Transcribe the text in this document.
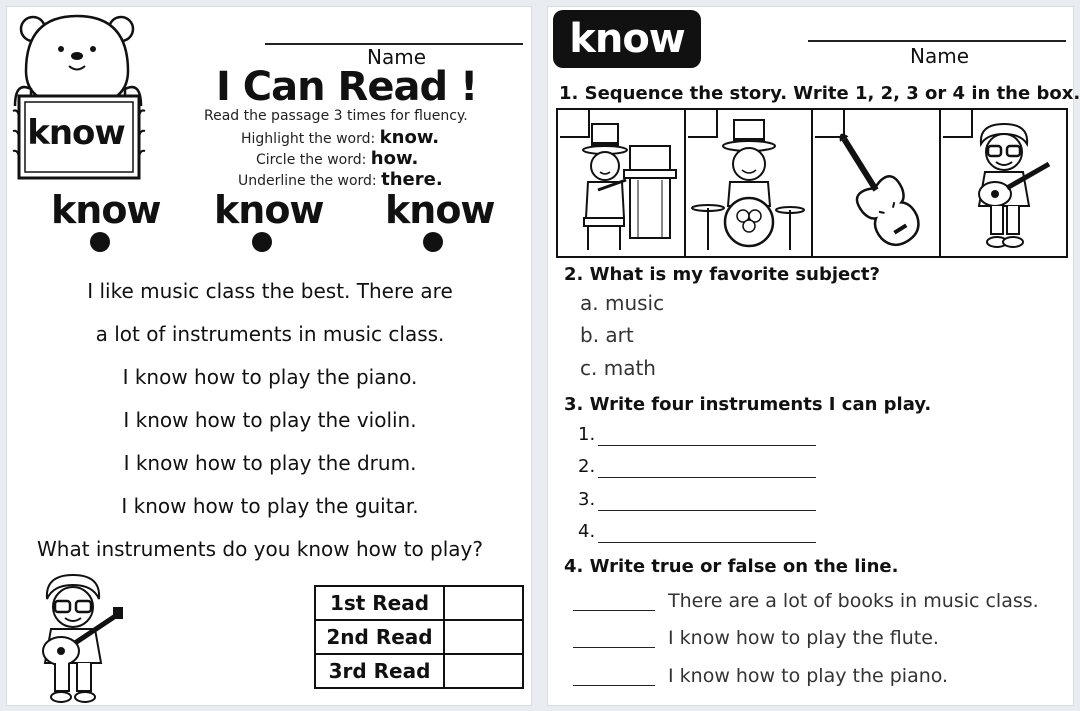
know
Name
I Can Read !
Read the passage 3 times for fluency.
Highlight the word: know.
Circle the word: how.
Underline the word: there.
know know know
I like music class the best. There are
a lot of instruments in music class.
I know how to play the piano.
I know how to play the violin.
I know how to play the drum.
I know how to play the guitar.
What instruments do you know how to play?
1st Read	
2nd Read	
3rd Read	
know	Name
1. Sequence the story. Write 1, 2, 3 or 4 in the box.
2. What is my favorite subject?
a. music
b. art
c. math
3. Write four instruments I can play.
1.
2.
3.
4.
4. Write true or false on the line.
There are a lot of books in music class.
I know how to play the flute.
I know how to play the piano.
